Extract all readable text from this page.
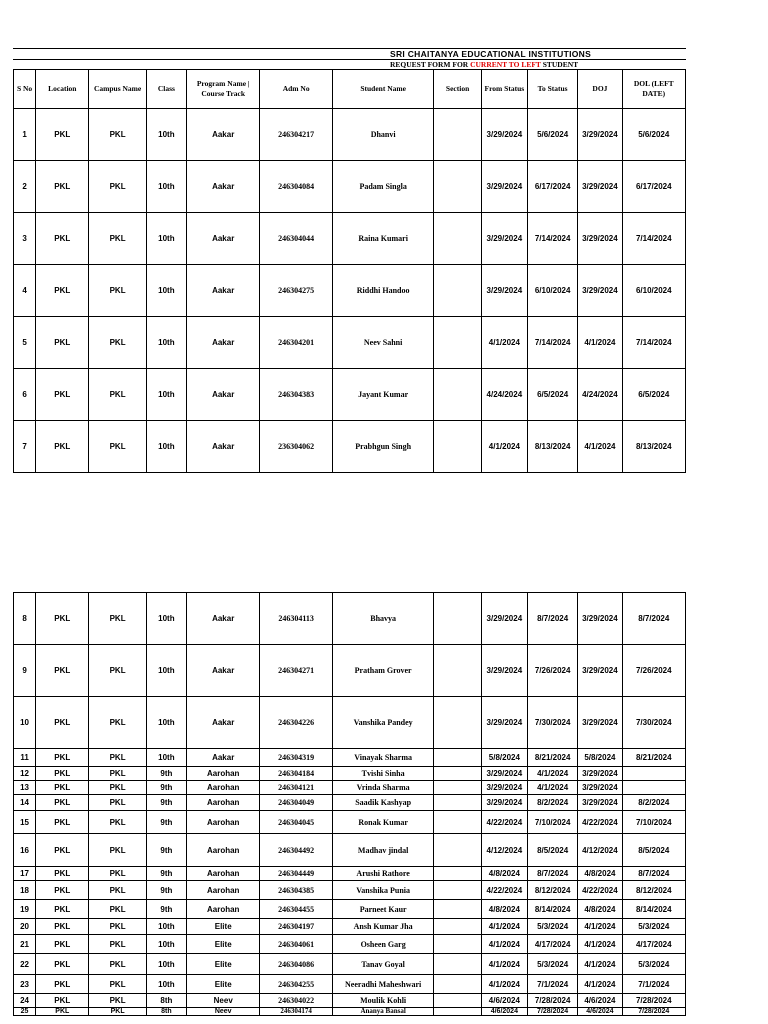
SRI CHAITANYA EDUCATIONAL INSTITUTIONS
REQUEST FORM FOR CURRENT TO LEFT STUDENT
S No	Location	Campus Name	Class	Program Name | Course Track	Adm No	Student Name	Section	From Status	To Status	DOJ	DOL (LEFT DATE)
1	PKL	PKL	10th	Aakar	246304217	Dhanvi		3/29/2024	5/6/2024	3/29/2024	5/6/2024
2	PKL	PKL	10th	Aakar	246304084	Padam Singla		3/29/2024	6/17/2024	3/29/2024	6/17/2024
3	PKL	PKL	10th	Aakar	246304044	Raina Kumari		3/29/2024	7/14/2024	3/29/2024	7/14/2024
4	PKL	PKL	10th	Aakar	246304275	Riddhi Handoo		3/29/2024	6/10/2024	3/29/2024	6/10/2024
5	PKL	PKL	10th	Aakar	246304201	Neev Sahni		4/1/2024	7/14/2024	4/1/2024	7/14/2024
6	PKL	PKL	10th	Aakar	246304383	Jayant Kumar		4/24/2024	6/5/2024	4/24/2024	6/5/2024
7	PKL	PKL	10th	Aakar	236304062	Prabhgun Singh		4/1/2024	8/13/2024	4/1/2024	8/13/2024
8	PKL	PKL	10th	Aakar	246304113	Bhavya		3/29/2024	8/7/2024	3/29/2024	8/7/2024
9	PKL	PKL	10th	Aakar	246304271	Pratham Grover		3/29/2024	7/26/2024	3/29/2024	7/26/2024
10	PKL	PKL	10th	Aakar	246304226	Vanshika Pandey		3/29/2024	7/30/2024	3/29/2024	7/30/2024
11	PKL	PKL	10th	Aakar	246304319	Vinayak Sharma		5/8/2024	8/21/2024	5/8/2024	8/21/2024
12	PKL	PKL	9th	Aarohan	246304184	Tvishi Sinha		3/29/2024	4/1/2024	3/29/2024	
13	PKL	PKL	9th	Aarohan	246304121	Vrinda Sharma		3/29/2024	4/1/2024	3/29/2024	
14	PKL	PKL	9th	Aarohan	246304049	Saadik Kashyap		3/29/2024	8/2/2024	3/29/2024	8/2/2024
15	PKL	PKL	9th	Aarohan	246304045	Ronak Kumar		4/22/2024	7/10/2024	4/22/2024	7/10/2024
16	PKL	PKL	9th	Aarohan	246304492	Madhav jindal		4/12/2024	8/5/2024	4/12/2024	8/5/2024
17	PKL	PKL	9th	Aarohan	246304449	Arushi Rathore		4/8/2024	8/7/2024	4/8/2024	8/7/2024
18	PKL	PKL	9th	Aarohan	246304385	Vanshika Punia		4/22/2024	8/12/2024	4/22/2024	8/12/2024
19	PKL	PKL	9th	Aarohan	246304455	Parneet Kaur		4/8/2024	8/14/2024	4/8/2024	8/14/2024
20	PKL	PKL	10th	Elite	246304197	Ansh Kumar Jha		4/1/2024	5/3/2024	4/1/2024	5/3/2024
21	PKL	PKL	10th	Elite	246304061	Osheen Garg		4/1/2024	4/17/2024	4/1/2024	4/17/2024
22	PKL	PKL	10th	Elite	246304086	Tanav Goyal		4/1/2024	5/3/2024	4/1/2024	5/3/2024
23	PKL	PKL	10th	Elite	246304255	Neeradhi Maheshwari		4/1/2024	7/1/2024	4/1/2024	7/1/2024
24	PKL	PKL	8th	Neev	246304022	Moulik Kohli		4/6/2024	7/28/2024	4/6/2024	7/28/2024
25	PKL	PKL	8th	Neev	246304174	Ananya Bansal		4/6/2024	7/28/2024	4/6/2024	7/28/2024
